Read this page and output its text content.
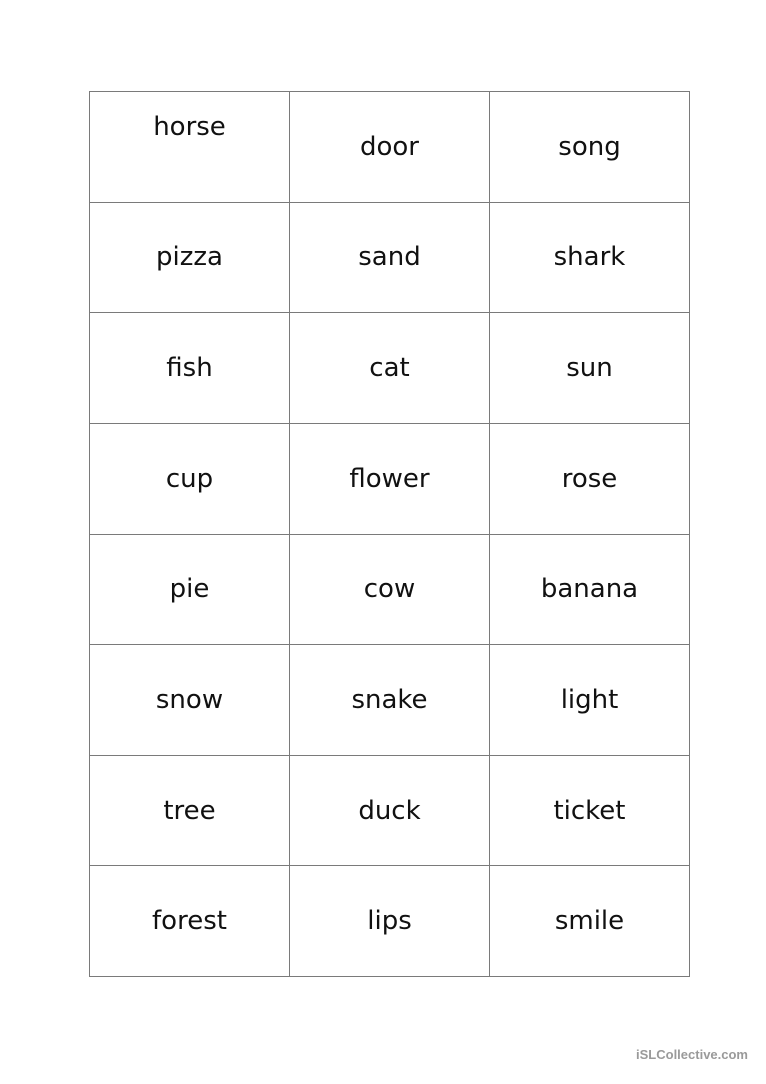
horse	door	song
pizza	sand	shark
fish	cat	sun
cup	flower	rose
pie	cow	banana
snow	snake	light
tree	duck	ticket
forest	lips	smile
iSLCollective.com
